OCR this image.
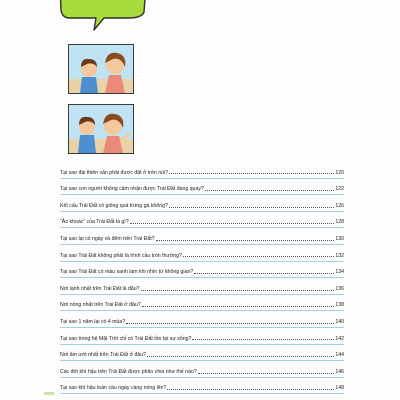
Tại sao đài thiên văn phải được đặt ở trên núi?	120
Tại sao con người không cảm nhận được Trái Đất đang quay?	122
Kết cấu Trái Đất có giống quả trứng gà không?	126
“Áo khoác” của Trái Đất là gì?	128
Tại sao lại có ngày và đêm trên Trái Đất?	130
Tại sao Trái Đất không phải là hình cầu tròn thường?	132
Tại sao Trái Đất có màu xanh lam khi nhìn từ không gian?	134
Nơi lạnh nhất trên Trái Đất là đâu?	136
Nơi nóng nhất trên Trái Đất ở đâu?	138
Tại sao 1 năm lại có 4 mùa?	140
Tại sao trong hệ Mặt Trời chỉ có Trái Đất tồn tại sự sống?	142
Nơi ẩm ướt nhất trên Trái Đất ở đâu?	144
Các đới khí hậu trên Trái Đất được phân chia như thế nào?	146
Tại sao khí hậu toàn cầu ngày càng nóng lên?	148
